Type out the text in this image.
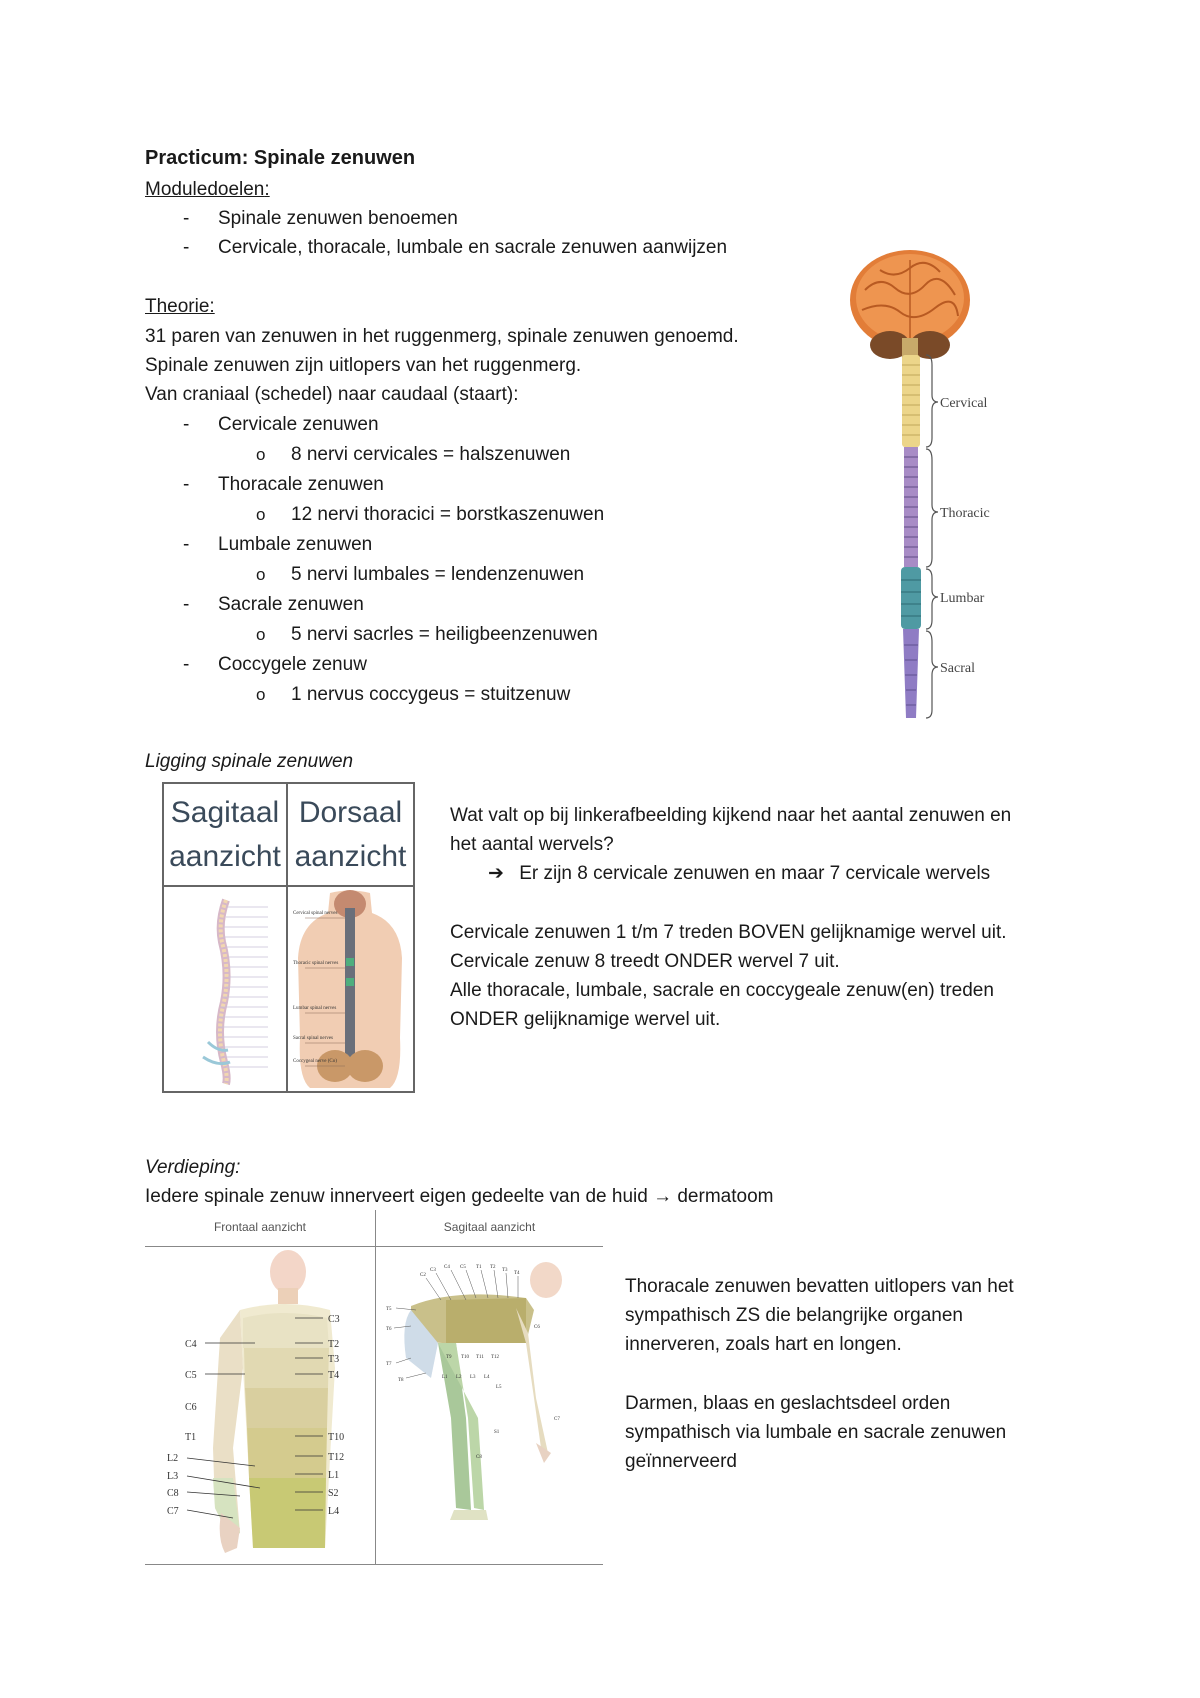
Practicum: Spinale zenuwen
Moduledoelen:
- Spinale zenuwen benoemen
- Cervicale, thoracale, lumbale en sacrale zenuwen aanwijzen
Theorie:
31 paren van zenuwen in het ruggenmerg, spinale zenuwen genoemd.
Spinale zenuwen zijn uitlopers van het ruggenmerg.
Van craniaal (schedel) naar caudaal (staart):
- Cervicale zenuwen
o 8 nervi cervicales = halszenuwen
- Thoracale zenuwen
o 12 nervi thoracici = borstkaszenuwen
- Lumbale zenuwen
o 5 nervi lumbales = lendenzenuwen
- Sacrale zenuwen
o 5 nervi sacrles = heiligbeenzenuwen
- Coccygele zenuw
o 1 nervus coccygeus = stuitzenuw
Cervical
Thoracic
Lumbar
Sacral
Ligging spinale zenuwen
Sagitaal aanzicht
Dorsaal aanzicht
Cervical spinal nerves
Thoracic spinal nerves
Lumbar spinal nerves
Sacral spinal nerves
Coccygeal nerve (Co)
Wat valt op bij linkerafbeelding kijkend naar het aantal zenuwen en
het aantal wervels?
➔ Er zijn 8 cervicale zenuwen en maar 7 cervicale wervels
Cervicale zenuwen 1 t/m 7 treden BOVEN gelijknamige wervel uit.
Cervicale zenuw 8 treedt ONDER wervel 7 uit.
Alle thoracale, lumbale, sacrale en coccygeale zenuw(en) treden
ONDER gelijknamige wervel uit.
Verdieping:
Iedere spinale zenuw innerveert eigen gedeelte van de huid → dermatoom
Frontaal aanzicht	Sagitaal aanzicht
C3
C4	T2
T3
C5	T4
C6
T1	T10
L2	T12
L3	L1
C8	S2
C7	L4
C2
C3
C4 C5 T1 T2
T3
T4
T5
T6
T7
T8
T9 T10 T11 T12
L1 L2 L3 L4
L5
S1
C6
C7
C8
Thoracale zenuwen bevatten uitlopers van het
sympathisch ZS die belangrijke organen
innerveren, zoals hart en longen.
Darmen, blaas en geslachtsdeel orden
sympathisch via lumbale en sacrale zenuwen
geïnnerveerd
